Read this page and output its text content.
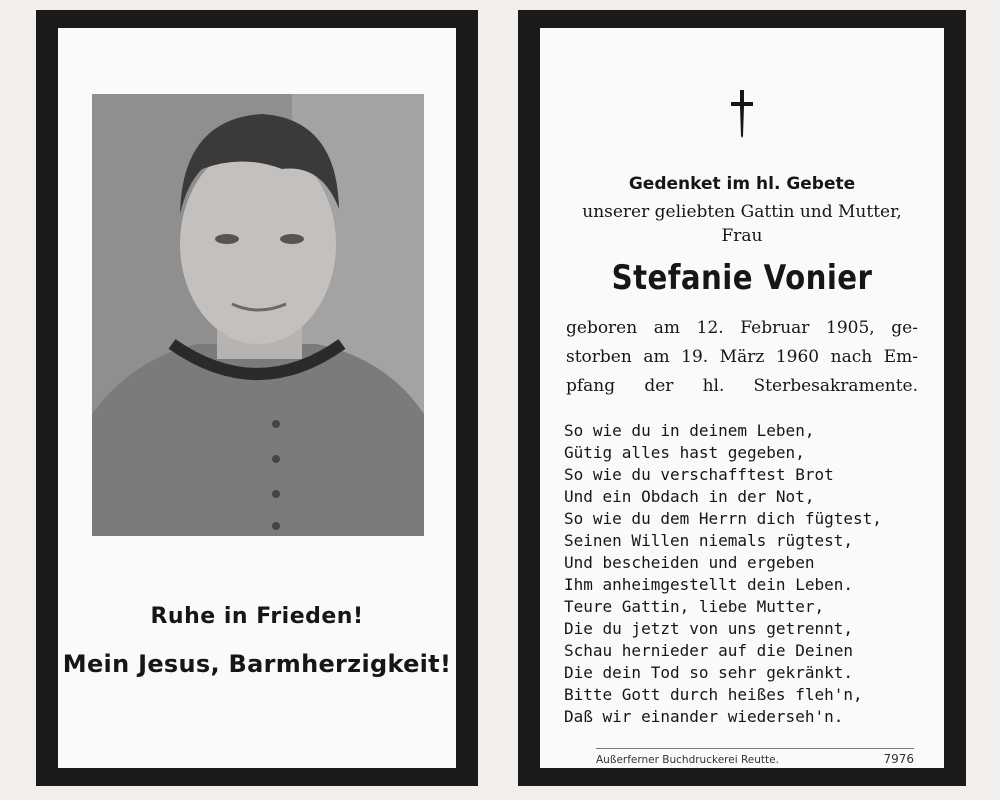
Ruhe in Frieden!
Mein Jesus, Barmherzigkeit!
Gedenket im hl. Gebete
unserer geliebten Gattin und Mutter,
Frau
Stefanie Vonier
geboren am 12. Februar 1905, ge-
storben am 19. März 1960 nach Em-
pfang der hl. Sterbesakramente.
So wie du in deinem Leben,
Gütig alles hast gegeben,
So wie du verschafftest Brot
Und ein Obdach in der Not,
So wie du dem Herrn dich fügtest,
Seinen Willen niemals rügtest,
Und bescheiden und ergeben
Ihm anheimgestellt dein Leben.
Teure Gattin, liebe Mutter,
Die du jetzt von uns getrennt,
Schau hernieder auf die Deinen
Die dein Tod so sehr gekränkt.
Bitte Gott durch heißes fleh'n,
Daß wir einander wiederseh'n.
Außerferner Buchdruckerei Reutte.	7976
